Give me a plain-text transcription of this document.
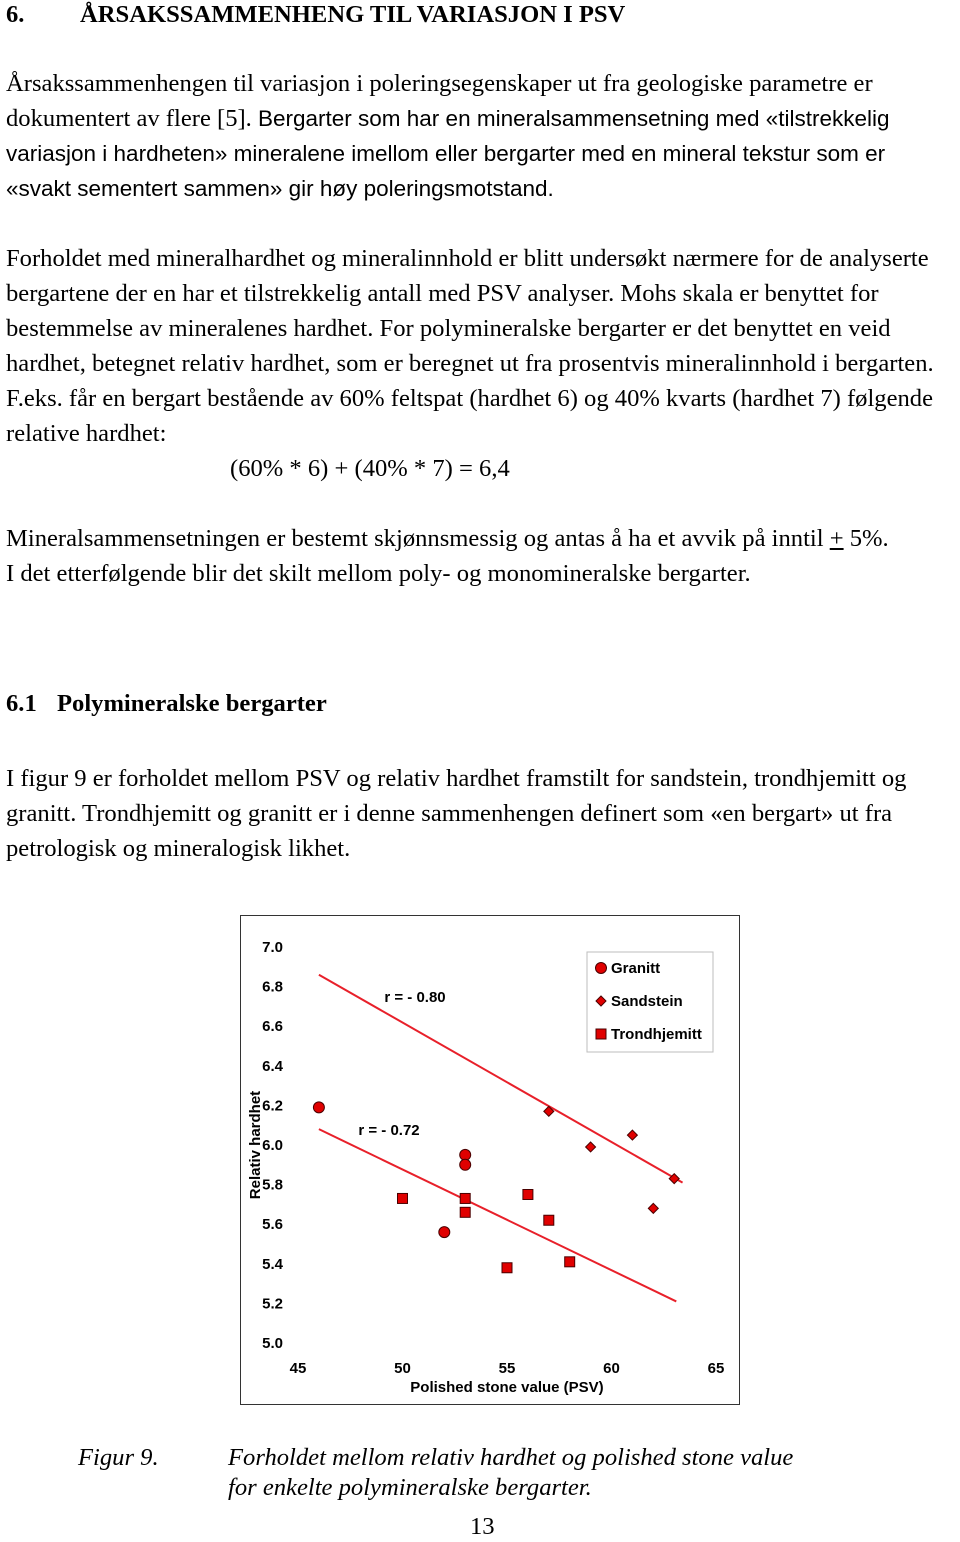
6. ÅRSAKSSAMMENHENG TIL VARIASJON I PSV
Årsakssammenhengen til variasjon i poleringsegenskaper ut fra geologiske parametre er
dokumentert av flere [5]. Bergarter som har en mineralsammensetning med «tilstrekkelig
variasjon i hardheten» mineralene imellom eller bergarter med en mineral tekstur som er
«svakt sementert sammen» gir høy poleringsmotstand.
Forholdet med mineralhardhet og mineralinnhold er blitt undersøkt nærmere for de analyserte
bergartene der en har et tilstrekkelig antall med PSV analyser. Mohs skala er benyttet for
bestemmelse av mineralenes hardhet. For polymineralske bergarter er det benyttet en veid
hardhet, betegnet relativ hardhet, som er beregnet ut fra prosentvis mineralinnhold i bergarten.
F.eks. får en bergart bestående av 60% feltspat (hardhet 6) og 40% kvarts (hardhet 7) følgende
relative hardhet:
(60% * 6) + (40% * 7) = 6,4
Mineralsammensetningen er bestemt skjønnsmessig og antas å ha et avvik på inntil + 5%.
I det etterfølgende blir det skilt mellom poly- og monomineralske bergarter.
6.1 Polymineralske bergarter
I figur 9 er forholdet mellom PSV og relativ hardhet framstilt for sandstein, trondhjemitt og
granitt. Trondhjemitt og granitt er i denne sammenhengen definert som «en bergart» ut fra
petrologisk og mineralogisk likhet.
Relativ hardhet
Polished stone value (PSV)
7.0
6.8
6.6
6.4
6.2
6.0
5.8
5.6
5.4
5.2
5.0
45	50	55	60	65
r = - 0.80
r = - 0.72
Granitt
Sandstein
Trondhjemitt
Figur 9.	Forholdet mellom relativ hardhet og polished stone value
for enkelte polymineralske bergarter.
13
